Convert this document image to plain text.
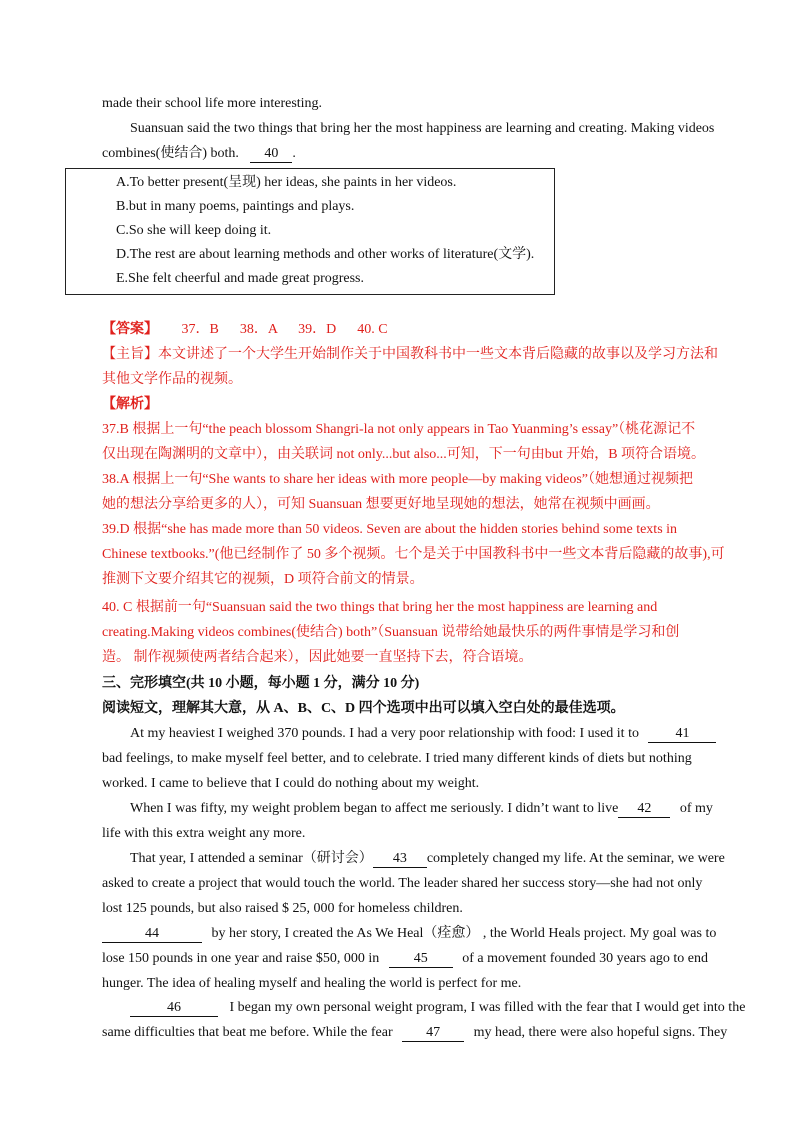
made their school life more interesting.
Suansuan said the two things that bring her the most happiness are learning and creating. Making videos
combines(使结合) both. 40 .
A.To better present(呈现) her ideas, she paints in her videos.
B.but in many poems, paintings and plays.
C.So she will keep doing it.
D.The rest are about learning methods and other works of literature(文学).
E.She felt cheerful and made great progress.
【答案】 37．B      38．A      39．D      40. C
【主旨】本文讲述了一个大学生开始制作关于中国教科书中一些文本背后隐藏的故事以及学习方法和
其他文学作品的视频。
【解析】
37.B 根据上一句“the peach blossom Shangri-la not only appears in Tao Yuanming’s essay”（桃花源记不
仅出现在陶渊明的文章中），由关联词 not only...but also...可知，下一句由but 开始，B 项符合语境。
38.A 根据上一句“She wants to share her ideas with more people—by making videos”（她想通过视频把
她的想法分享给更多的人），可知 Suansuan 想要更好地呈现她的想法，她常在视频中画画。
39.D 根据“she has made more than 50 videos. Seven are about the hidden stories behind some texts in
Chinese textbooks.”(他已经制作了 50 多个视频。七个是关于中国教科书中一些文本背后隐藏的故事),可
推测下文要介绍其它的视频，D 项符合前文的情景。
40. C 根据前一句“Suansuan said the two things that bring her the most happiness are learning and
creating.Making videos combines(使结合) both”（Suansuan 说带给她最快乐的两件事情是学习和创
造。 制作视频使两者结合起来），因此她要一直坚持下去，符合语境。
三、完形填空(共 10 小题，每小题 1 分，满分 10 分)
阅读短文，理解其大意，从 A、B、C、D 四个选项中出可以填入空白处的最佳选项。
At my heaviest I weighed 370 pounds. I had a very poor relationship with food: I used it to	41
bad feelings, to make myself feel better, and to celebrate. I tried many different kinds of diets but nothing
worked. I came to believe that I could do nothing about my weight.
When I was fifty, my weight problem began to affect me seriously. I didn’t want to live 42 of my
life with this extra weight any more.
That year, I attended a seminar（研讨会） 43 completely changed my life. At the seminar, we were
asked to create a project that would touch the world. The leader shared her success story—she had not only
lost 125 pounds, but also raised $ 25, 000 for homeless children.
44	by her story, I created the As We Heal（痊愈） , the World Heals project. My goal was to
lose 150 pounds in one year and raise $50, 000 in 45 of a movement founded 30 years ago to end
hunger. The idea of healing myself and healing the world is perfect for me.
46	I began my own personal weight program, I was filled with the fear that I would get into the
same difficulties that beat me before. While the fear 47 my head, there were also hopeful signs. They
